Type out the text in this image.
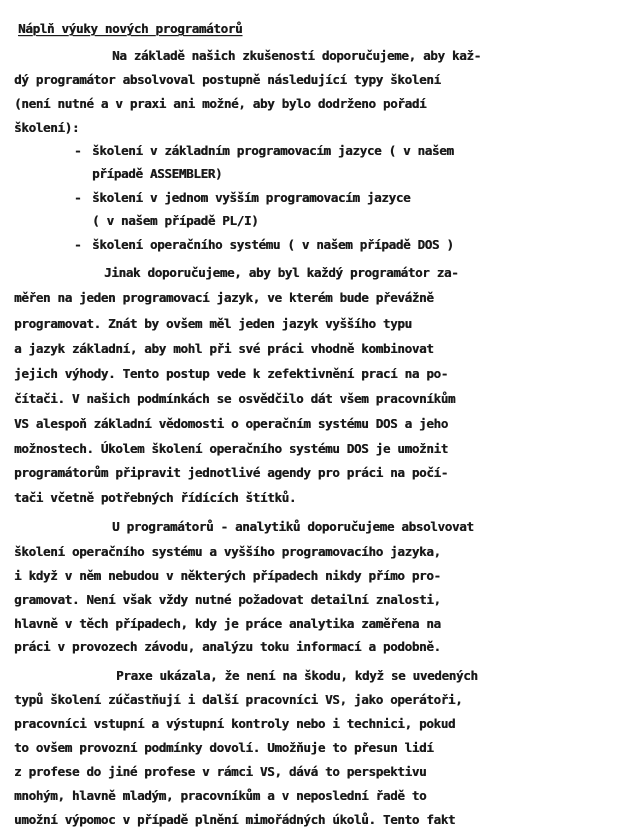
Náplň výuky nových programátorů
Na základě našich zkušeností doporučujeme, aby kaž-
dý programátor absolvoval postupně následující typy školení
(není nutné a v praxi ani možné, aby bylo dodrženo pořadí
školení):
- školení v základním programovacím jazyce ( v našem
případě ASSEMBLER)
- školení v jednom vyšším programovacím jazyce
( v našem případě PL/I)
- školení operačního systému ( v našem případě DOS )
Jinak doporučujeme, aby byl každý programátor za-
měřen na jeden programovací jazyk, ve kterém bude převážně
programovat. Znát by ovšem měl jeden jazyk vyššího typu
a jazyk základní, aby mohl při své práci vhodně kombinovat
jejich výhody. Tento postup vede k zefektivnění prací na po-
čítači. V našich podmínkách se osvědčilo dát všem pracovníkům
VS alespoň základní vědomosti o operačním systému DOS a jeho
možnostech. Úkolem školení operačního systému DOS je umožnit
programátorům připravit jednotlivé agendy pro práci na počí-
tači včetně potřebných řídících štítků.
U programátorů - analytiků doporučujeme absolvovat
školení operačního systému a vyššího programovacího jazyka,
i když v něm nebudou v některých případech nikdy přímo pro-
gramovat. Není však vždy nutné požadovat detailní znalosti,
hlavně v těch případech, kdy je práce analytika zaměřena na
práci v provozech závodu, analýzu toku informací a podobně.
Praxe ukázala, že není na škodu, když se uvedených
typů školení zúčastňují i další pracovníci VS, jako operátoři,
pracovníci vstupní a výstupní kontroly nebo i technici, pokud
to ovšem provozní podmínky dovolí. Umožňuje to přesun lidí
z profese do jiné profese v rámci VS, dává to perspektivu
mnohým, hlavně mladým, pracovníkům a v neposlední řadě to
umožní výpomoc v případě plnění mimořádných úkolů. Tento fakt
